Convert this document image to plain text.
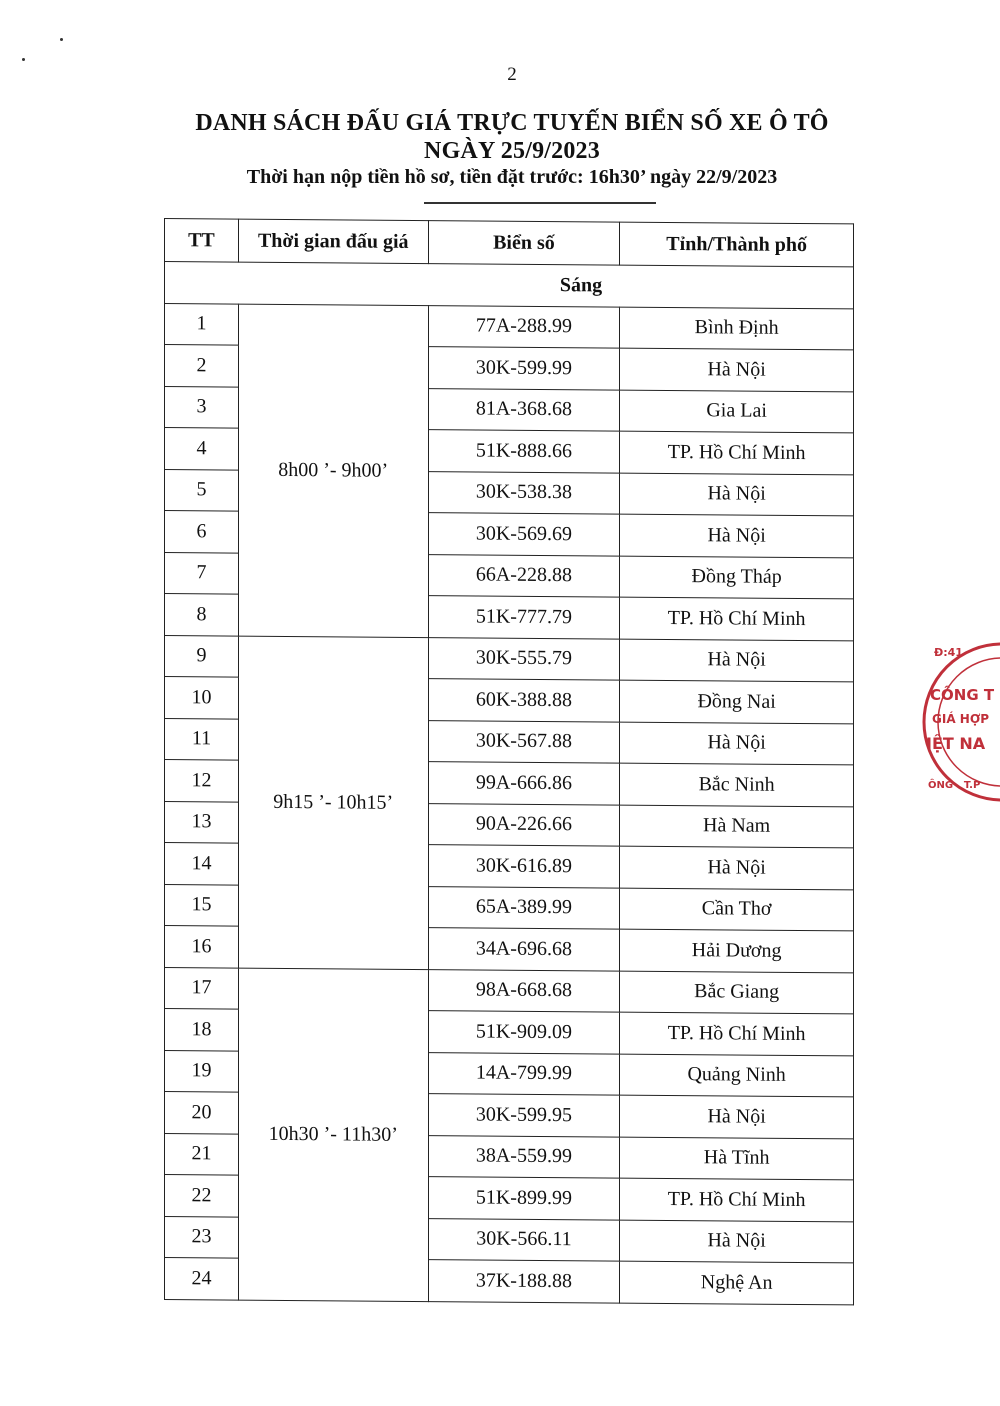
2
DANH SÁCH ĐẤU GIÁ TRỰC TUYẾN BIỂN SỐ XE Ô TÔ
NGÀY 25/9/2023
Thời hạn nộp tiền hồ sơ, tiền đặt trước: 16h30’ ngày 22/9/2023
TT	Thời gian đấu giá	Biển số	Tỉnh/Thành phố
Sáng			
1	8h00 ’- 9h00’	77A-288.99	Bình Định
2		30K-599.99	Hà Nội
3		81A-368.68	Gia Lai
4		51K-888.66	TP. Hồ Chí Minh
5		30K-538.38	Hà Nội
6		30K-569.69	Hà Nội
7		66A-228.88	Đồng Tháp
8		51K-777.79	TP. Hồ Chí Minh
9	9h15 ’- 10h15’	30K-555.79	Hà Nội
10		60K-388.88	Đồng Nai
11		30K-567.88	Hà Nội
12		99A-666.86	Bắc Ninh
13		90A-226.66	Hà Nam
14		30K-616.89	Hà Nội
15		65A-389.99	Cần Thơ
16		34A-696.68	Hải Dương
17	10h30 ’- 11h30’	98A-668.68	Bắc Giang
18		51K-909.09	TP. Hồ Chí Minh
19		14A-799.99	Quảng Ninh
20		30K-599.95	Hà Nội
21		38A-559.99	Hà Tĩnh
22		51K-899.99	TP. Hồ Chí Minh
23		30K-566.11	Hà Nội
24		37K-188.88	Nghệ An
Đ:41
CÔNG T
GIÁ HỢP
IỆT NA
ÔNG . T.P
